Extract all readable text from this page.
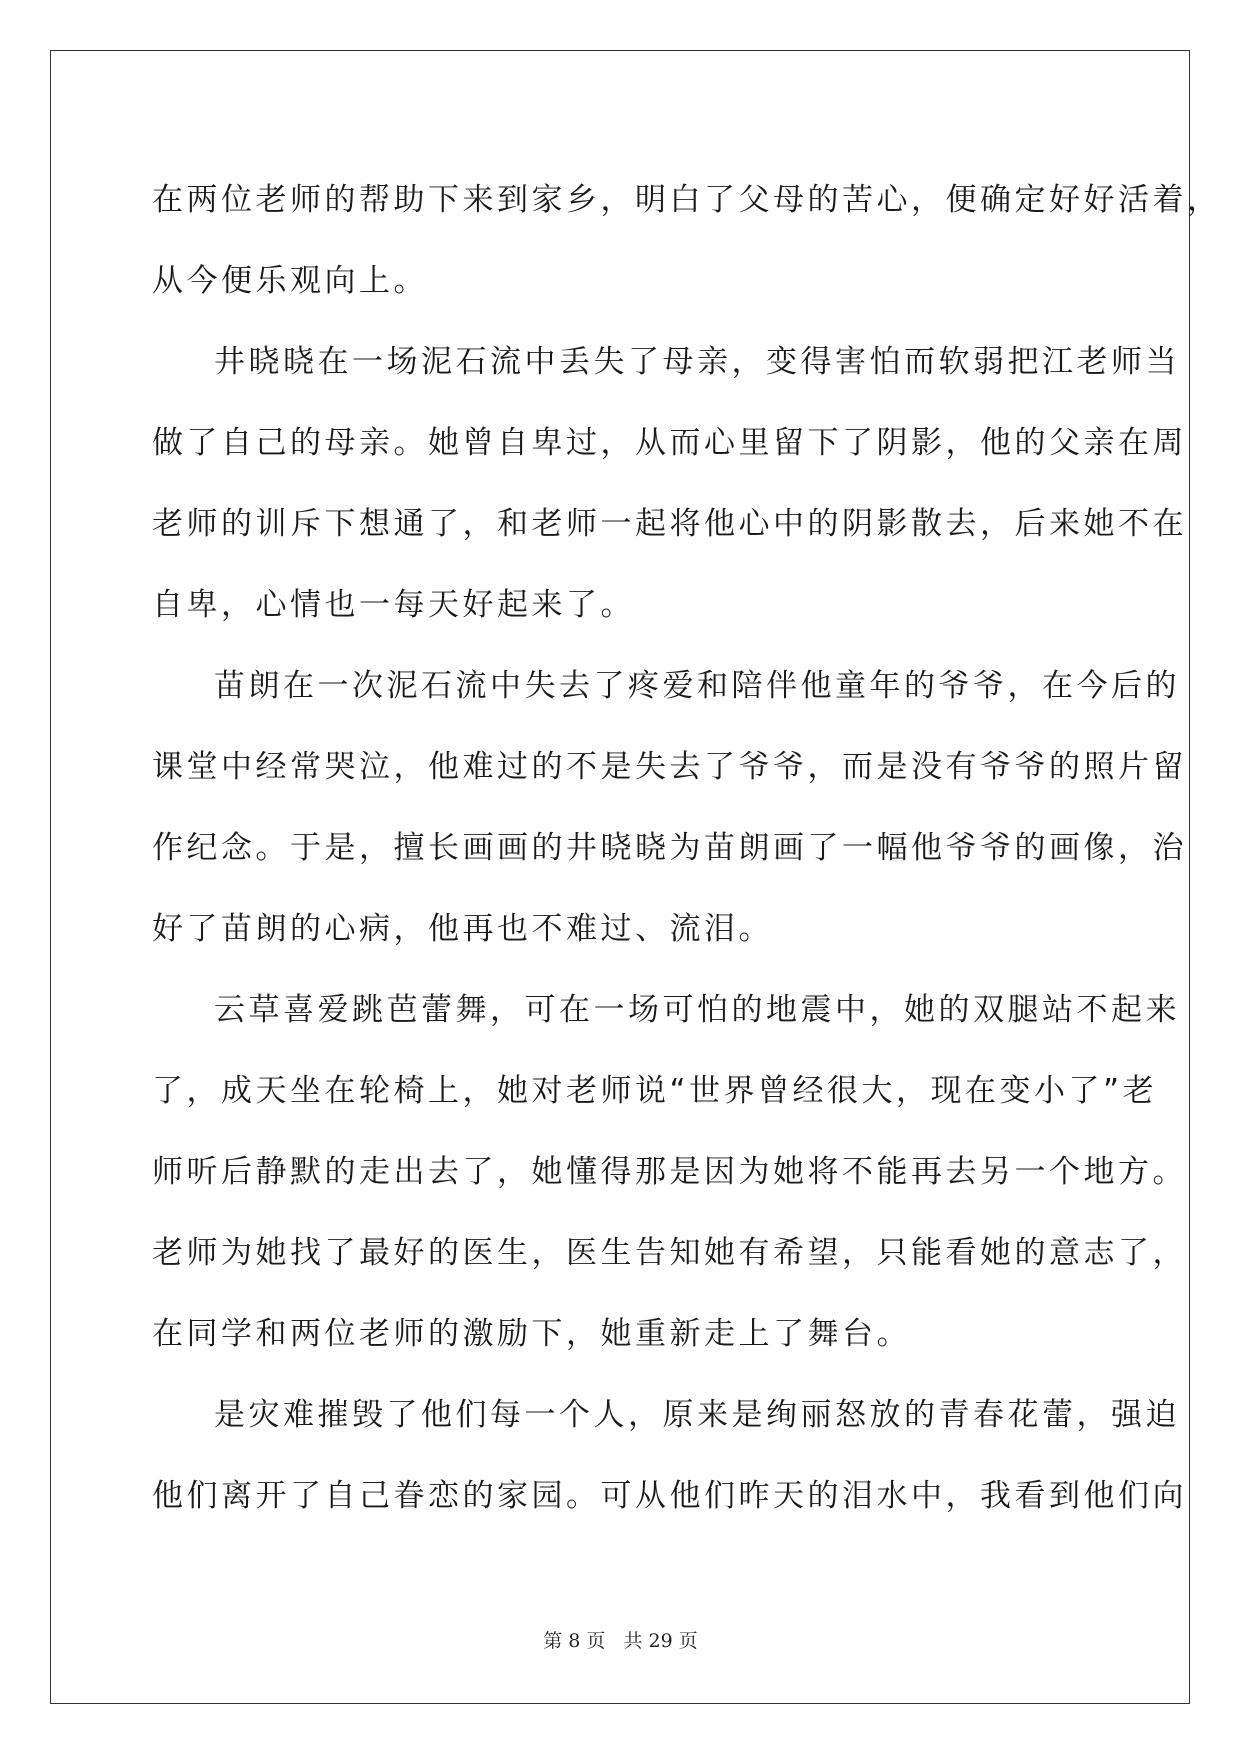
在两位老师的帮助下来到家乡，明白了父母的苦心，便确定好好活着，
从今便乐观向上。
井晓晓在一场泥石流中丢失了母亲，变得害怕而软弱把江老师当
做了自己的母亲。她曾自卑过，从而心里留下了阴影，他的父亲在周
老师的训斥下想通了，和老师一起将他心中的阴影散去，后来她不在
自卑，心情也一每天好起来了。
苗朗在一次泥石流中失去了疼爱和陪伴他童年的爷爷，在今后的
课堂中经常哭泣，他难过的不是失去了爷爷，而是没有爷爷的照片留
作纪念。于是，擅长画画的井晓晓为苗朗画了一幅他爷爷的画像，治
好了苗朗的心病，他再也不难过、流泪。
云草喜爱跳芭蕾舞，可在一场可怕的地震中，她的双腿站不起来
了，成天坐在轮椅上，她对老师说“世界曾经很大，现在变小了”老
师听后静默的走出去了，她懂得那是因为她将不能再去另一个地方。
老师为她找了最好的医生，医生告知她有希望，只能看她的意志了，
在同学和两位老师的激励下，她重新走上了舞台。
是灾难摧毁了他们每一个人，原来是绚丽怒放的青春花蕾，强迫
他们离开了自己眷恋的家园。可从他们昨天的泪水中，我看到他们向
第 8 页 共 29 页
